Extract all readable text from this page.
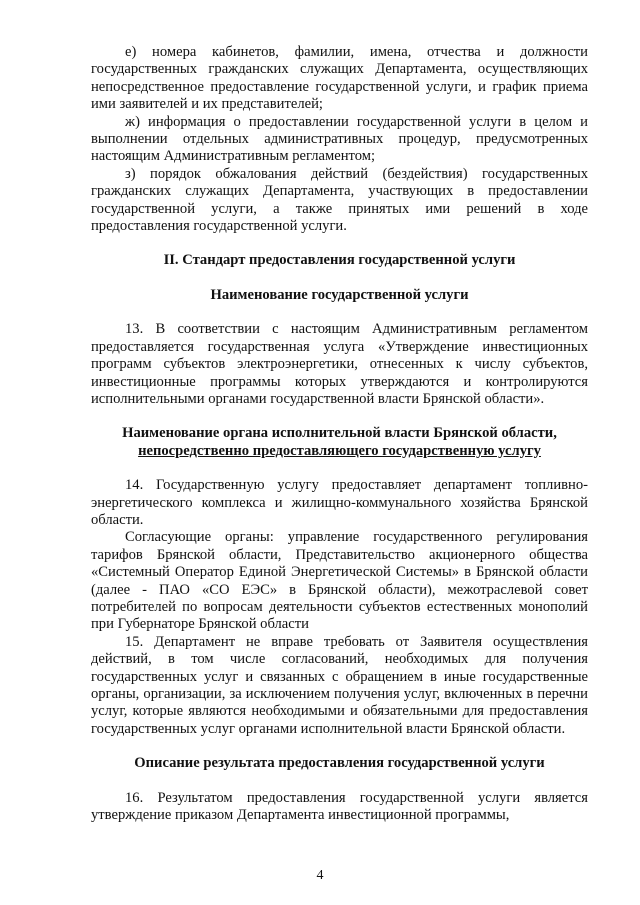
е) номера кабинетов, фамилии, имена, отчества и должности государственных гражданских служащих Департамента, осуществляющих непосредственное предоставление государственной услуги, и график приема ими заявителей и их представителей;

ж) информация о предоставлении государственной услуги в целом и выполнении отдельных административных процедур, предусмотренных настоящим Административным регламентом;

з) порядок обжалования действий (бездействия) государственных гражданских служащих Департамента, участвующих в предоставлении государственной услуги, а также принятых ими решений в ходе предоставления государственной услуги.

II. Стандарт предоставления государственной услуги

Наименование государственной услуги

13. В соответствии с настоящим Административным регламентом предоставляется государственная услуга «Утверждение инвестиционных программ субъектов электроэнергетики, отнесенных к числу субъектов, инвестиционные программы которых утверждаются и контролируются исполнительными органами государственной власти Брянской области».

Наименование органа исполнительной власти Брянской области,
непосредственно предоставляющего государственную услугу

14. Государственную услугу предоставляет департамент топливно-энергетического комплекса и жилищно-коммунального хозяйства Брянской области.

Согласующие органы: управление государственного регулирования тарифов Брянской области, Представительство акционерного общества «Системный Оператор Единой Энергетической Системы» в Брянской области (далее - ПАО «СО ЕЭС» в Брянской области), межотраслевой совет потребителей по вопросам деятельности субъектов естественных монополий при Губернаторе Брянской области

15. Департамент не вправе требовать от Заявителя осуществления действий, в том числе согласований, необходимых для получения государственных услуг и связанных с обращением в иные государственные органы, организации, за исключением получения услуг, включенных в перечни услуг, которые являются необходимыми и обязательными для предоставления государственных услуг органами исполнительной власти Брянской области.

Описание результата предоставления государственной услуги

16. Результатом предоставления государственной услуги является утверждение приказом Департамента инвестиционной программы,

4
